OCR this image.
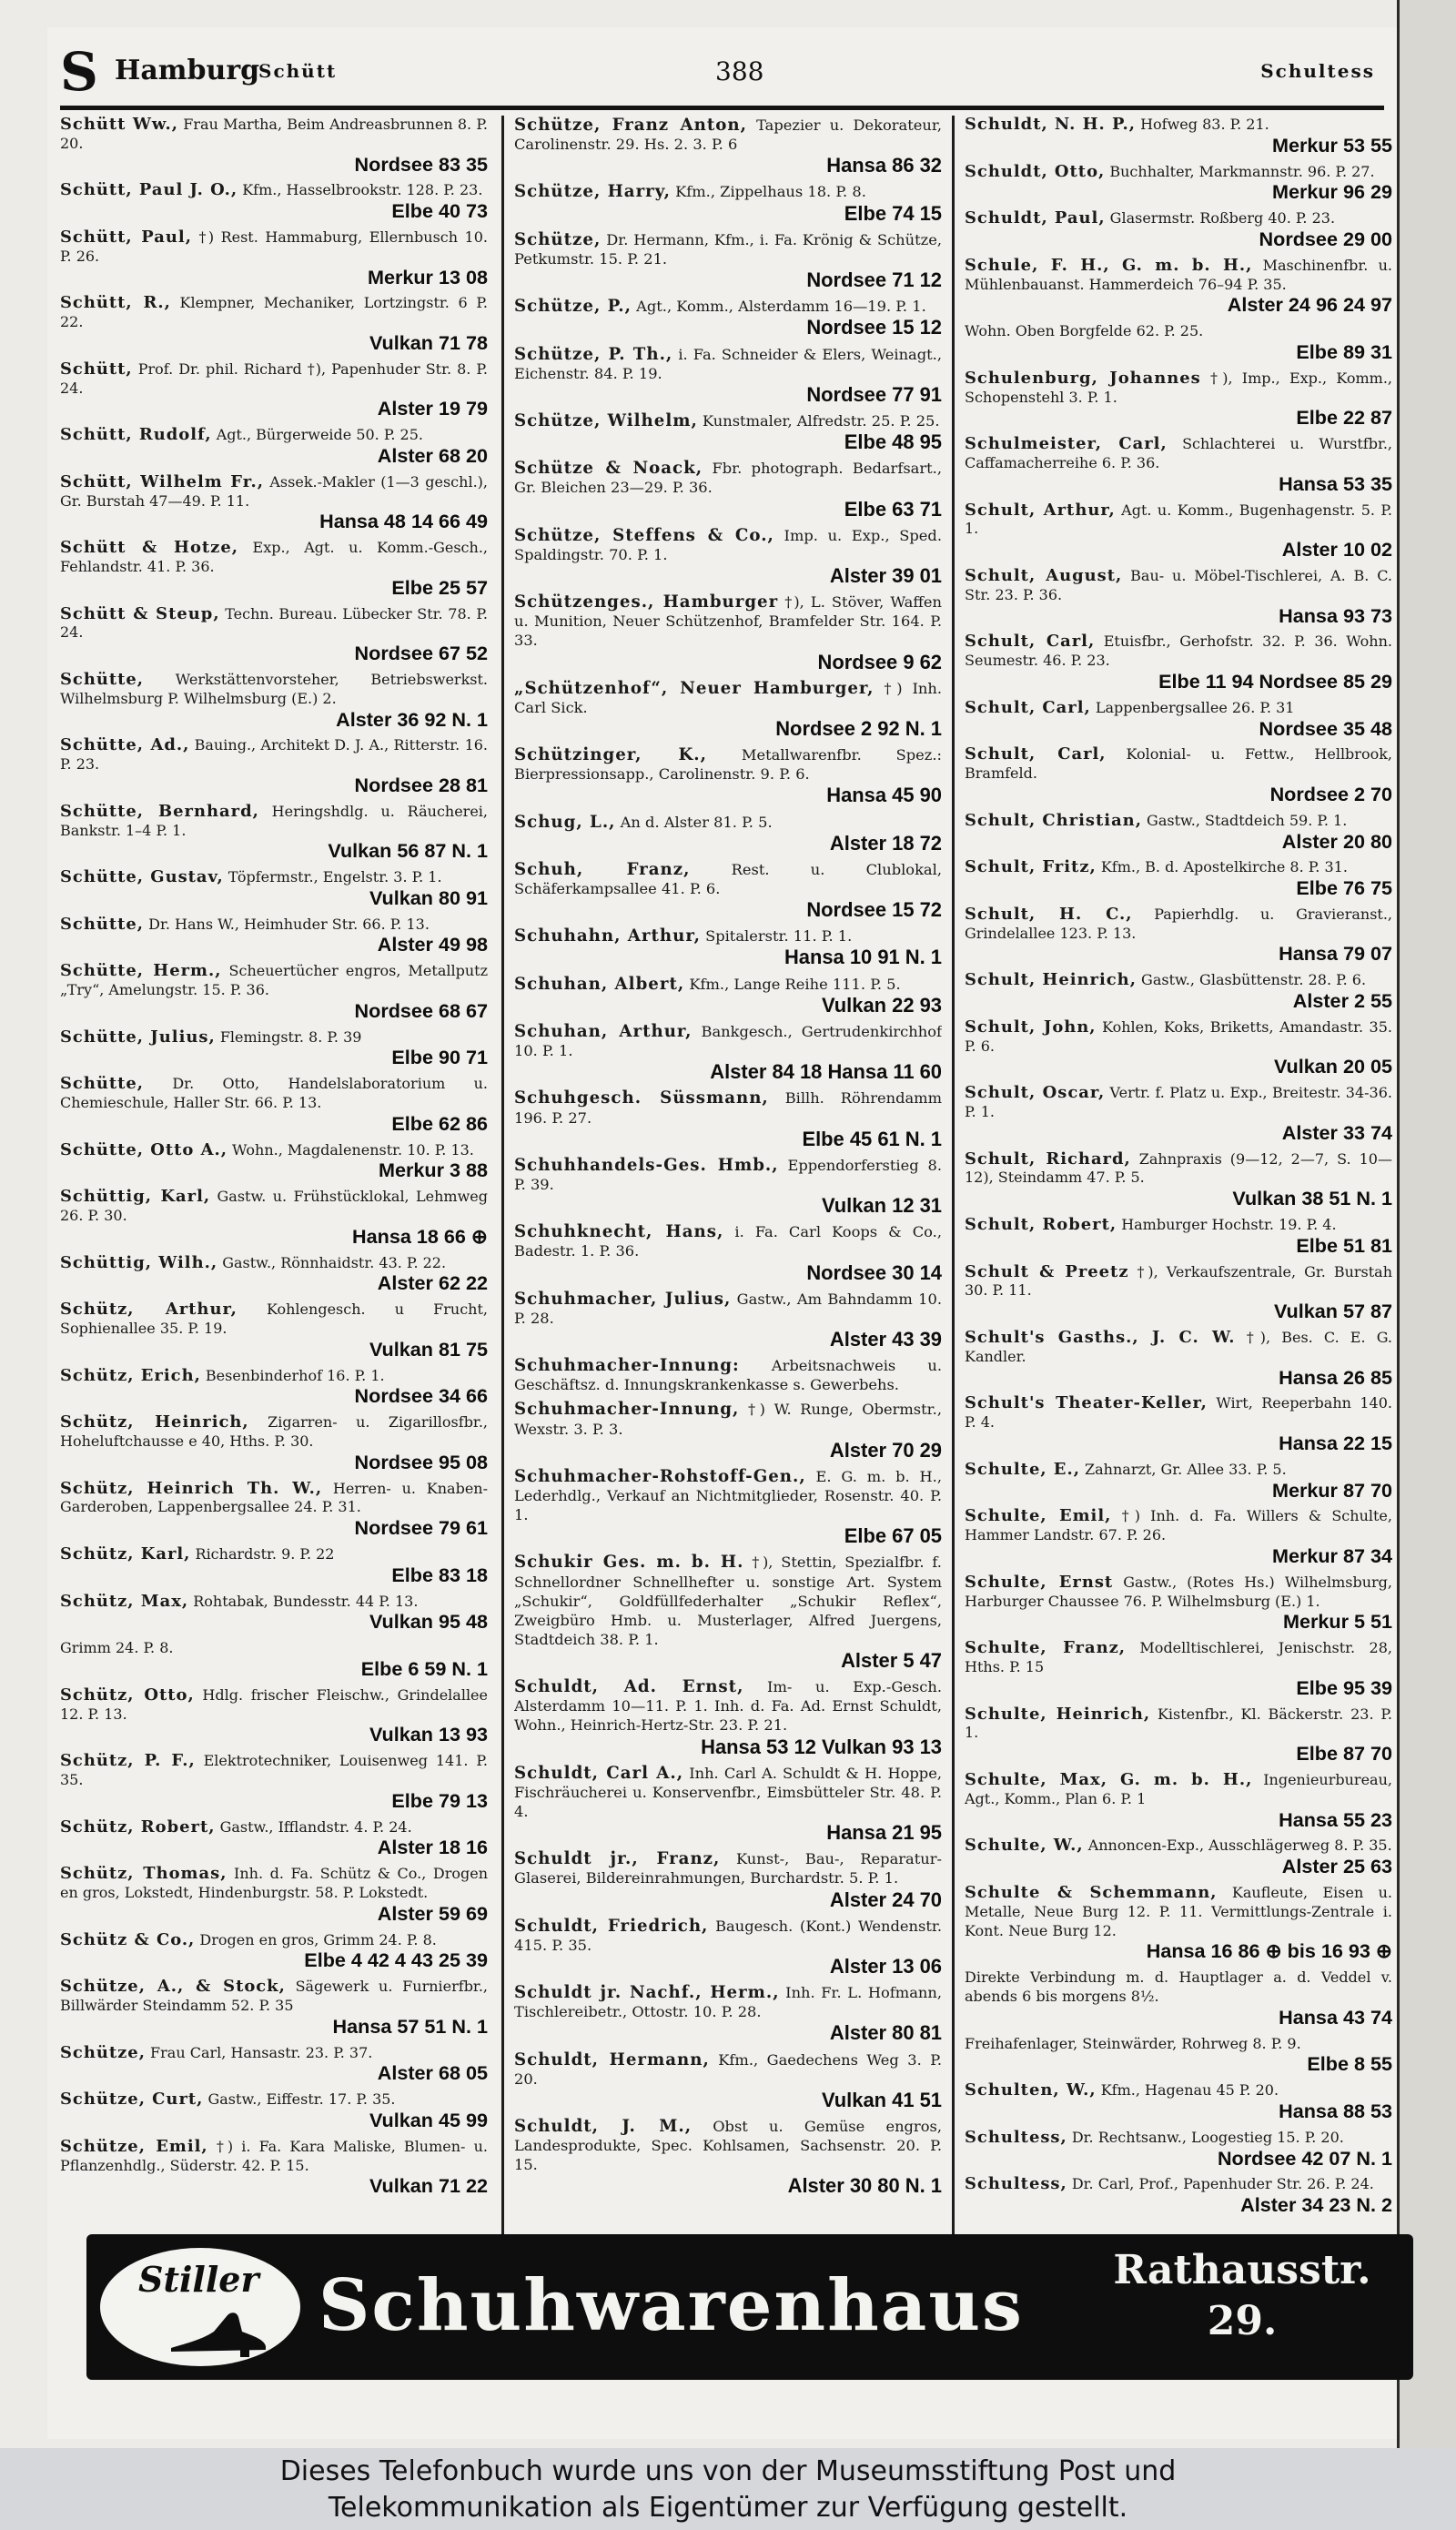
S Hamburg
Schütt	388	Schultess
Schütt Ww., Frau Martha, Beim Andreasbrunnen 8. P. 20.
Nordsee 83 35
Schütt, Paul J. O., Kfm., Hasselbrookstr. 128. P. 23.
Elbe 40 73
Schütt, Paul, †) Rest. Hammaburg, Ellernbusch 10. P. 26.
Merkur 13 08
Schütt, R., Klempner, Mechaniker, Lortzingstr. 6 P. 22.
Vulkan 71 78
Schütt, Prof. Dr. phil. Richard †), Papenhuder Str. 8. P. 24.
Alster 19 79
Schütt, Rudolf, Agt., Bürgerweide 50. P. 25.
Alster 68 20
Schütt, Wilhelm Fr., Assek.-Makler (1—3 geschl.), Gr. Burstah 47—49. P. 11.
Hansa 48 14 66 49
Schütt & Hotze, Exp., Agt. u. Komm.-Gesch., Fehlandstr. 41. P. 36.
Elbe 25 57
Schütt & Steup, Techn. Bureau. Lübecker Str. 78. P. 24.
Nordsee 67 52
Schütte, Werkstättenvorsteher, Betriebswerkst. Wilhelmsburg P. Wilhelmsburg (E.) 2.
Alster 36 92 N. 1
Schütte, Ad., Bauing., Architekt D. J. A., Ritterstr. 16. P. 23.
Nordsee 28 81
Schütte, Bernhard, Heringshdlg. u. Räucherei, Bankstr. 1–4 P. 1.
Vulkan 56 87 N. 1
Schütte, Gustav, Töpfermstr., Engelstr. 3. P. 1.
Vulkan 80 91
Schütte, Dr. Hans W., Heimhuder Str. 66. P. 13.
Alster 49 98
Schütte, Herm., Scheuertücher engros, Metallputz „Try“, Amelungstr. 15. P. 36.
Nordsee 68 67
Schütte, Julius, Flemingstr. 8. P. 39
Elbe 90 71
Schütte, Dr. Otto, Handelslaboratorium u. Chemieschule, Haller Str. 66. P. 13.
Elbe 62 86
Schütte, Otto A., Wohn., Magdalenenstr. 10. P. 13.
Merkur 3 88
Schüttig, Karl, Gastw. u. Frühstücklokal, Lehmweg 26. P. 30.
Hansa 18 66 ⊕
Schüttig, Wilh., Gastw., Rönnhaidstr. 43. P. 22.
Alster 62 22
Schütz, Arthur, Kohlengesch. u Frucht, Sophienallee 35. P. 19.
Vulkan 81 75
Schütz, Erich, Besenbinderhof 16. P. 1.
Nordsee 34 66
Schütz, Heinrich, Zigarren- u. Zigarillosfbr., Hoheluftchausse e 40, Hths. P. 30.
Nordsee 95 08
Schütz, Heinrich Th. W., Herren- u. Knaben-Garderoben, Lappenbergsallee 24. P. 31.
Nordsee 79 61
Schütz, Karl, Richardstr. 9. P. 22
Elbe 83 18
Schütz, Max, Rohtabak, Bundesstr. 44 P. 13.
Vulkan 95 48
Grimm 24. P. 8.
Elbe 6 59 N. 1
Schütz, Otto, Hdlg. frischer Fleischw., Grindelallee 12. P. 13.
Vulkan 13 93
Schütz, P. F., Elektrotechniker, Louisenweg 141. P. 35.
Elbe 79 13
Schütz, Robert, Gastw., Ifflandstr. 4. P. 24.
Alster 18 16
Schütz, Thomas, Inh. d. Fa. Schütz & Co., Drogen en gros, Lokstedt, Hindenburgstr. 58. P. Lokstedt.
Alster 59 69
Schütz & Co., Drogen en gros, Grimm 24. P. 8.
Elbe 4 42 4 43 25 39
Schütze, A., & Stock, Sägewerk u. Furnierfbr., Billwärder Steindamm 52. P. 35
Hansa 57 51 N. 1
Schütze, Frau Carl, Hansastr. 23. P. 37.
Alster 68 05
Schütze, Curt, Gastw., Eiffestr. 17. P. 35.
Vulkan 45 99
Schütze, Emil, †) i. Fa. Kara Maliske, Blumen- u. Pflanzenhdlg., Süderstr. 42. P. 15.
Vulkan 71 22
Schütze, Franz Anton, Tapezier u. Dekorateur, Carolinenstr. 29. Hs. 2. 3. P. 6
Hansa 86 32
Schütze, Harry, Kfm., Zippelhaus 18. P. 8.
Elbe 74 15
Schütze, Dr. Hermann, Kfm., i. Fa. Krönig & Schütze, Petkumstr. 15. P. 21.
Nordsee 71 12
Schütze, P., Agt., Komm., Alsterdamm 16—19. P. 1.
Nordsee 15 12
Schütze, P. Th., i. Fa. Schneider & Elers, Weinagt., Eichenstr. 84. P. 19.
Nordsee 77 91
Schütze, Wilhelm, Kunstmaler, Alfredstr. 25. P. 25.
Elbe 48 95
Schütze & Noack, Fbr. photograph. Bedarfsart., Gr. Bleichen 23—29. P. 36.
Elbe 63 71
Schütze, Steffens & Co., Imp. u. Exp., Sped. Spaldingstr. 70. P. 1.
Alster 39 01
Schützenges., Hamburger †), L. Stöver, Waffen u. Munition, Neuer Schützenhof, Bramfelder Str. 164. P. 33.
Nordsee 9 62
„Schützenhof“, Neuer Hamburger, †) Inh. Carl Sick.
Nordsee 2 92 N. 1
Schützinger, K., Metallwarenfbr. Spez.: Bierpressionsapp., Carolinenstr. 9. P. 6.
Hansa 45 90
Schug, L., An d. Alster 81. P. 5.
Alster 18 72
Schuh, Franz,	Rest. u. Clublokal, Schäferkampsallee 41. P. 6.
Nordsee 15 72
Schuhahn, Arthur, Spitalerstr. 11. P. 1.
Hansa 10 91 N. 1
Schuhan, Albert, Kfm., Lange Reihe 111. P. 5.
Vulkan 22 93
Schuhan, Arthur, Bankgesch., Gertrudenkirchhof 10. P. 1.
Alster 84 18 Hansa 11 60
Schuhgesch. Süssmann, Billh. Röhrendamm 196. P. 27.
Elbe 45 61 N. 1
Schuhhandels-Ges. Hmb., Eppendorferstieg 8. P. 39.
Vulkan 12 31
Schuhknecht, Hans, i. Fa. Carl Koops & Co., Badestr. 1. P. 36.
Nordsee 30 14
Schuhmacher, Julius, Gastw., Am Bahndamm 10. P. 28.
Alster 43 39
Schuhmacher-Innung: Arbeitsnachweis u. Geschäftsz. d. Innungskrankenkasse s. Gewerbehs.
Schuhmacher-Innung, †) W. Runge, Obermstr., Wexstr. 3. P. 3.
Alster 70 29
Schuhmacher-Rohstoff-Gen., E. G. m. b. H., Lederhdlg., Verkauf an Nichtmitglieder, Rosenstr. 40. P. 1.
Elbe 67 05
Schukir Ges. m. b. H. †), Stettin, Spezialfbr. f. Schnellordner Schnellhefter u. sonstige Art. System „Schukir“, Goldfüllfederhalter „Schukir Reflex“, Zweigbüro Hmb. u. Musterlager, Alfred Juergens, Stadtdeich 38. P. 1.
Alster 5 47
Schuldt, Ad. Ernst, Im- u. Exp.-Gesch. Alsterdamm 10—11. P. 1. Inh. d. Fa. Ad. Ernst Schuldt, Wohn., Heinrich-Hertz-Str. 23. P. 21.
Hansa 53 12 Vulkan 93 13
Schuldt, Carl A., Inh. Carl A. Schuldt & H. Hoppe, Fischräucherei u. Konservenfbr., Eimsbütteler Str. 48. P. 4.
Hansa 21 95
Schuldt jr., Franz, Kunst-, Bau-, Reparatur-Glaserei, Bildereinrahmungen, Burchardstr. 5. P. 1.
Alster 24 70
Schuldt, Friedrich, Baugesch. (Kont.) Wendenstr. 415. P. 35.
Alster 13 06
Schuldt jr. Nachf., Herm., Inh. Fr. L. Hofmann, Tischlereibetr., Ottostr. 10. P. 28.
Alster 80 81
Schuldt, Hermann, Kfm., Gaedechens Weg 3. P. 20.
Vulkan 41 51
Schuldt, J. M., Obst u. Gemüse engros, Landesprodukte, Spec. Kohlsamen, Sachsenstr. 20. P. 15.
Alster 30 80 N. 1
Schuldt, N. H. P., Hofweg 83. P. 21.
Merkur 53 55
Schuldt, Otto, Buchhalter, Markmannstr. 96. P. 27.
Merkur 96 29
Schuldt, Paul, Glasermstr. Roßberg 40. P. 23.
Nordsee 29 00
Schule, F. H., G. m. b. H., Maschinenfbr. u. Mühlenbauanst. Hammerdeich 76–94 P. 35.
Alster 24 96 24 97
Wohn. Oben Borgfelde 62. P. 25.
Elbe 89 31
Schulenburg, Johannes †), Imp., Exp., Komm., Schopenstehl 3. P. 1.
Elbe 22 87
Schulmeister, Carl, Schlachterei u. Wurstfbr., Caffamacherreihe 6. P. 36.
Hansa 53 35
Schult, Arthur, Agt. u. Komm., Bugenhagenstr. 5. P. 1.
Alster 10 02
Schult, August, Bau- u. Möbel-Tischlerei, A. B. C. Str. 23. P. 36.
Hansa 93 73
Schult, Carl, Etuisfbr., Gerhofstr. 32. P. 36. Wohn. Seumestr. 46. P. 23.
Elbe 11 94 Nordsee 85 29
Schult, Carl, Lappenbergsallee 26. P. 31
Nordsee 35 48
Schult, Carl, Kolonial- u. Fettw., Hellbrook, Bramfeld.
Nordsee 2 70
Schult, Christian, Gastw., Stadtdeich 59. P. 1.
Alster 20 80
Schult, Fritz, Kfm., B. d. Apostelkirche 8. P. 31.
Elbe 76 75
Schult, H. C., Papierhdlg. u. Gravieranst., Grindelallee 123. P. 13.
Hansa 79 07
Schult, Heinrich, Gastw., Glasbüttenstr. 28. P. 6.
Alster 2 55
Schult, John, Kohlen, Koks, Briketts, Amandastr. 35. P. 6.
Vulkan 20 05
Schult, Oscar, Vertr. f. Platz u. Exp., Breitestr. 34-36. P. 1.
Alster 33 74
Schult, Richard, Zahnpraxis (9—12, 2—7, S. 10—12), Steindamm 47. P. 5.
Vulkan 38 51 N. 1
Schult, Robert, Hamburger Hochstr. 19. P. 4.
Elbe 51 81
Schult & Preetz †), Verkaufszentrale, Gr. Burstah 30. P. 11.
Vulkan 57 87
Schult's Gasths., J. C. W. †), Bes. C. E. G. Kandler.
Hansa 26 85
Schult's Theater-Keller, Wirt, Reeperbahn 140. P. 4.
Hansa 22 15
Schulte, E., Zahnarzt, Gr. Allee 33. P. 5.
Merkur 87 70
Schulte, Emil, †) Inh. d. Fa. Willers & Schulte, Hammer Landstr. 67. P. 26.
Merkur 87 34
Schulte, Ernst Gastw., (Rotes Hs.) Wilhelmsburg, Harburger Chaussee 76. P. Wilhelmsburg (E.) 1.
Merkur 5 51
Schulte, Franz, Modelltischlerei, Jenischstr. 28, Hths. P. 15
Elbe 95 39
Schulte, Heinrich, Kistenfbr., Kl. Bäckerstr. 23. P. 1.
Elbe 87 70
Schulte, Max, G. m. b. H., Ingenieurbureau, Agt., Komm., Plan 6. P. 1
Hansa 55 23
Schulte, W., Annoncen-Exp., Ausschlägerweg 8. P. 35.
Alster 25 63
Schulte & Schemmann, Kaufleute, Eisen u. Metalle, Neue Burg 12. P. 11. Vermittlungs-Zentrale i. Kont. Neue Burg 12.
Hansa 16 86 ⊕ bis 16 93 ⊕
Direkte Verbindung m. d. Hauptlager a. d. Veddel v. abends 6 bis morgens 8½.
Hansa 43 74
Freihafenlager, Steinwärder, Rohrweg 8. P. 9.
Elbe 8 55
Schulten, W., Kfm., Hagenau 45 P. 20.
Hansa 88 53
Schultess, Dr. Rechtsanw., Loogestieg 15. P. 20.
Nordsee 42 07 N. 1
Schultess, Dr. Carl, Prof., Papenhuder Str. 26. P. 24.
Alster 34 23 N. 2
Stiller Schuhwarenhaus	Rathausstr.
29.
Dieses Telefonbuch wurde uns von der Museumsstiftung Post und
Telekommunikation als Eigentümer zur Verfügung gestellt.
